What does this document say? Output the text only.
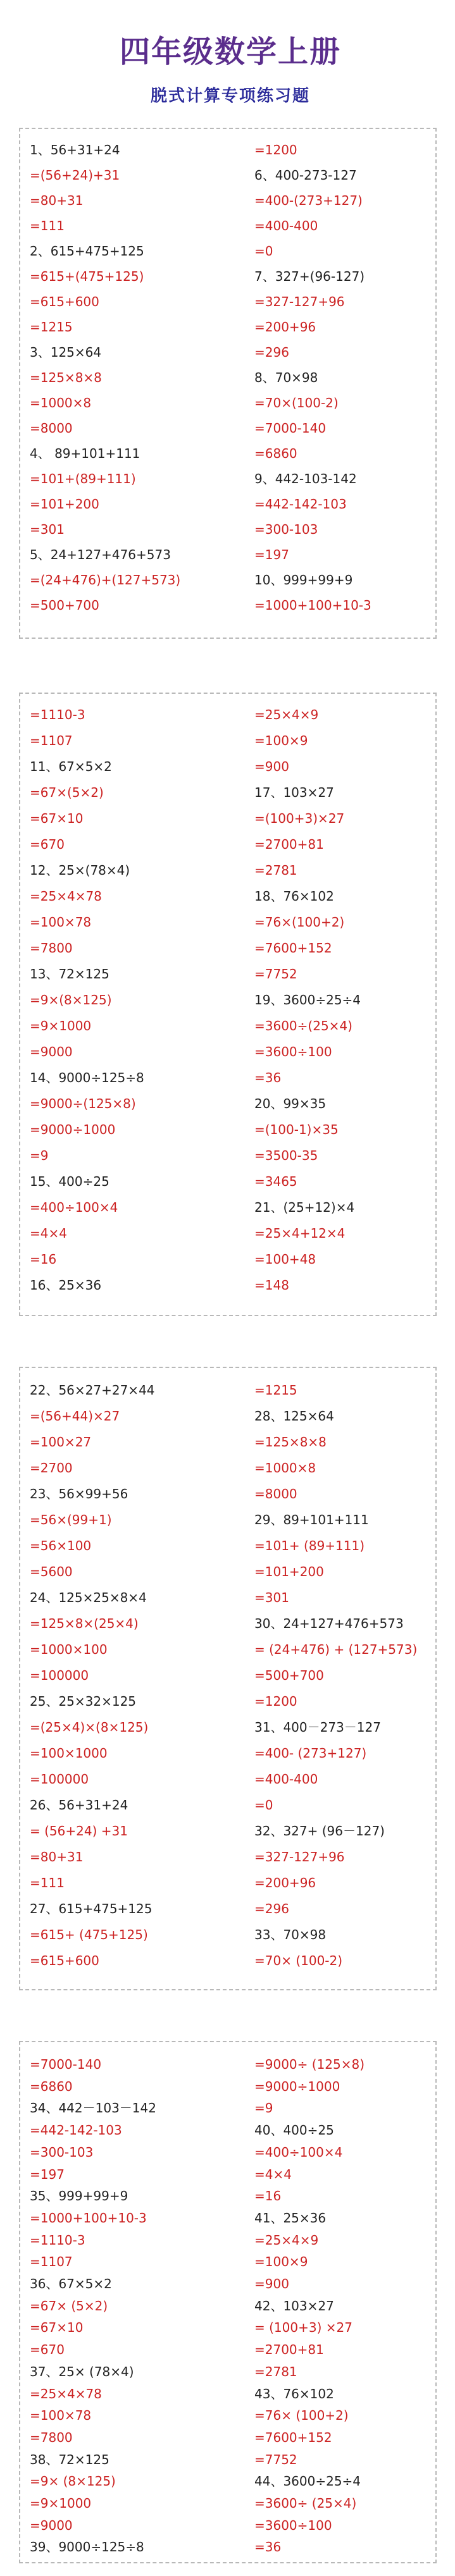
四年级数学上册
脱式计算专项练习题
1、56+31+24
=(56+24)+31
=80+31
=111
2、615+475+125
=615+(475+125)
=615+600
=1215
3、125×64
=125×8×8
=1000×8
=8000
4、 89+101+111
=101+(89+111)
=101+200
=301
5、24+127+476+573
=(24+476)+(127+573)
=500+700
=1200
6、400-273-127
=400-(273+127)
=400-400
=0
7、327+(96-127)
=327-127+96
=200+96
=296
8、70×98
=70×(100-2)
=7000-140
=6860
9、442-103-142
=442-142-103
=300-103
=197
10、999+99+9
=1000+100+10-3
=1110-3
=1107
11、67×5×2
=67×(5×2)
=67×10
=670
12、25×(78×4)
=25×4×78
=100×78
=7800
13、72×125
=9×(8×125)
=9×1000
=9000
14、9000÷125÷8
=9000÷(125×8)
=9000÷1000
=9
15、400÷25
=400÷100×4
=4×4
=16
16、25×36
=25×4×9
=100×9
=900
17、103×27
=(100+3)×27
=2700+81
=2781
18、76×102
=76×(100+2)
=7600+152
=7752
19、3600÷25÷4
=3600÷(25×4)
=3600÷100
=36
20、99×35
=(100-1)×35
=3500-35
=3465
21、(25+12)×4
=25×4+12×4
=100+48
=148
22、56×27+27×44
=(56+44)×27
=100×27
=2700
23、56×99+56
=56×(99+1)
=56×100
=5600
24、125×25×8×4
=125×8×(25×4)
=1000×100
=100000
25、25×32×125
=(25×4)×(8×125)
=100×1000
=100000
26、56+31+24
= (56+24) +31
=80+31
=111
27、615+475+125
=615+ (475+125)
=615+600
=1215
28、125×64
=125×8×8
=1000×8
=8000
29、89+101+111
=101+ (89+111)
=101+200
=301
30、24+127+476+573
= (24+476) + (127+573)
=500+700
=1200
31、400－273－127
=400- (273+127)
=400-400
=0
32、327+ (96－127)
=327-127+96
=200+96
=296
33、70×98
=70× (100-2)
=7000-140
=6860
34、442－103－142
=442-142-103
=300-103
=197
35、999+99+9
=1000+100+10-3
=1110-3
=1107
36、67×5×2
=67× (5×2)
=67×10
=670
37、25× (78×4)
=25×4×78
=100×78
=7800
38、72×125
=9× (8×125)
=9×1000
=9000
39、9000÷125÷8
=9000÷ (125×8)
=9000÷1000
=9
40、400÷25
=400÷100×4
=4×4
=16
41、25×36
=25×4×9
=100×9
=900
42、103×27
= (100+3) ×27
=2700+81
=2781
43、76×102
=76× (100+2)
=7600+152
=7752
44、3600÷25÷4
=3600÷ (25×4)
=3600÷100
=36
